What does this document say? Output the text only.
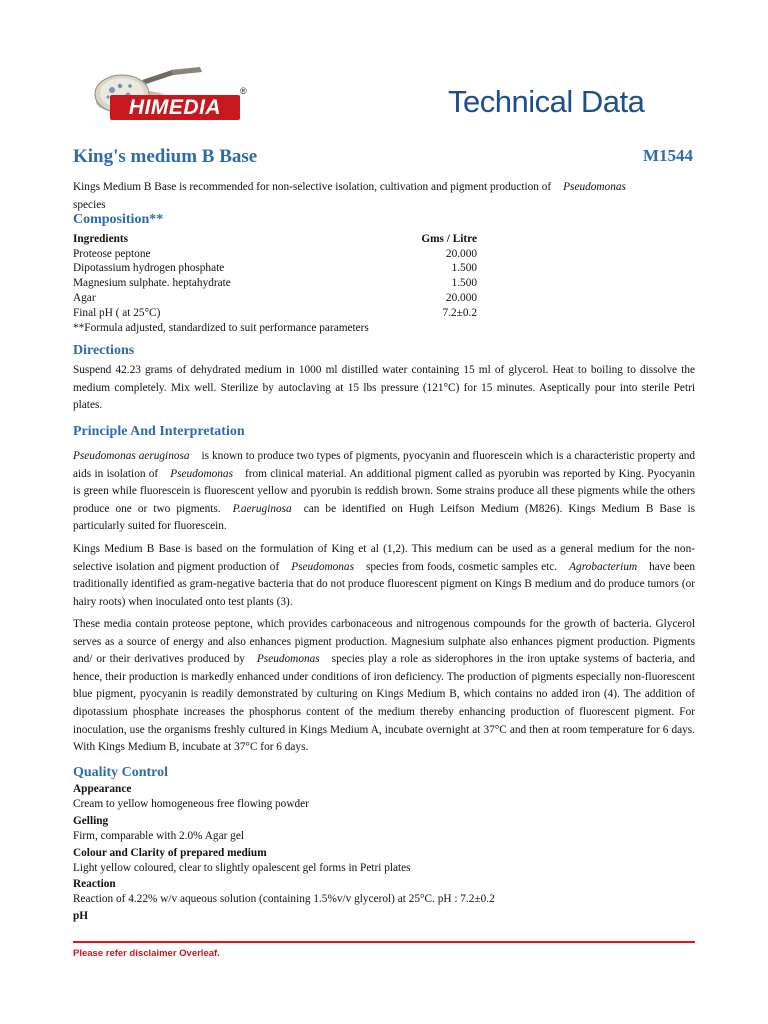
HIMEDIA
®	Technical Data
King's medium B Base	M1544
Kings Medium B Base is recommended for non-selective isolation, cultivation and pigment production of Pseudomonas
species
Composition**
Ingredients	Gms / Litre
Proteose peptone	20.000
Dipotassium hydrogen phosphate	1.500
Magnesium sulphate. heptahydrate	1.500
Agar	20.000
Final pH ( at 25°C)	7.2±0.2
**Formula adjusted, standardized to suit performance parameters
Directions
Suspend 42.23 grams of dehydrated medium in 1000 ml distilled water containing 15 ml of glycerol. Heat to boiling to dissolve the medium completely. Mix well. Sterilize by autoclaving at 15 lbs pressure (121°C) for 15 minutes. Aseptically pour into sterile Petri plates.
Principle And Interpretation
Pseudomonas aeruginosa is known to produce two types of pigments, pyocyanin and fluorescein which is a characteristic property and aids in isolation of Pseudomonas from clinical material. An additional pigment called as pyorubin was reported by King. Pyocyanin is green while fluorescein is fluorescent yellow and pyorubin is reddish brown. Some strains produce all these pigments while the others produce one or two pigments. P.aeruginosa can be identified on Hugh Leifson Medium (M826). Kings Medium B Base is particularly suited for fluorescein.
Kings Medium B Base is based on the formulation of King et al (1,2). This medium can be used as a general medium for the non-selective isolation and pigment production of Pseudomonas species from foods, cosmetic samples etc. Agrobacterium have been traditionally identified as gram-negative bacteria that do not produce fluorescent pigment on Kings B medium and do produce tumors (or hairy roots) when inoculated onto test plants (3).
These media contain proteose peptone, which provides carbonaceous and nitrogenous compounds for the growth of bacteria. Glycerol serves as a source of energy and also enhances pigment production. Magnesium sulphate also enhances pigment production. Pigments and/ or their derivatives produced by Pseudomonas species play a role as siderophores in the iron uptake systems of bacteria, and hence, their production is markedly enhanced under conditions of iron deficiency. The production of pigments especially non-fluorescent blue pigment, pyocyanin is readily demonstrated by culturing on Kings Medium B, which contains no added iron (4). The addition of dipotassium phosphate increases the phosphorus content of the medium thereby enhancing production of fluorescent pigment. For inoculation, use the organisms freshly cultured in Kings Medium A, incubate overnight at 37°C and then at room temperature for 6 days. With Kings Medium B, incubate at 37°C for 6 days.
Quality Control
Appearance
Cream to yellow homogeneous free flowing powder
Gelling
Firm, comparable with 2.0% Agar gel
Colour and Clarity of prepared medium
Light yellow coloured, clear to slightly opalescent gel forms in Petri plates
Reaction
Reaction of 4.22% w/v aqueous solution (containing 1.5%v/v glycerol) at 25°C. pH : 7.2±0.2
pH
Please refer disclaimer Overleaf.
